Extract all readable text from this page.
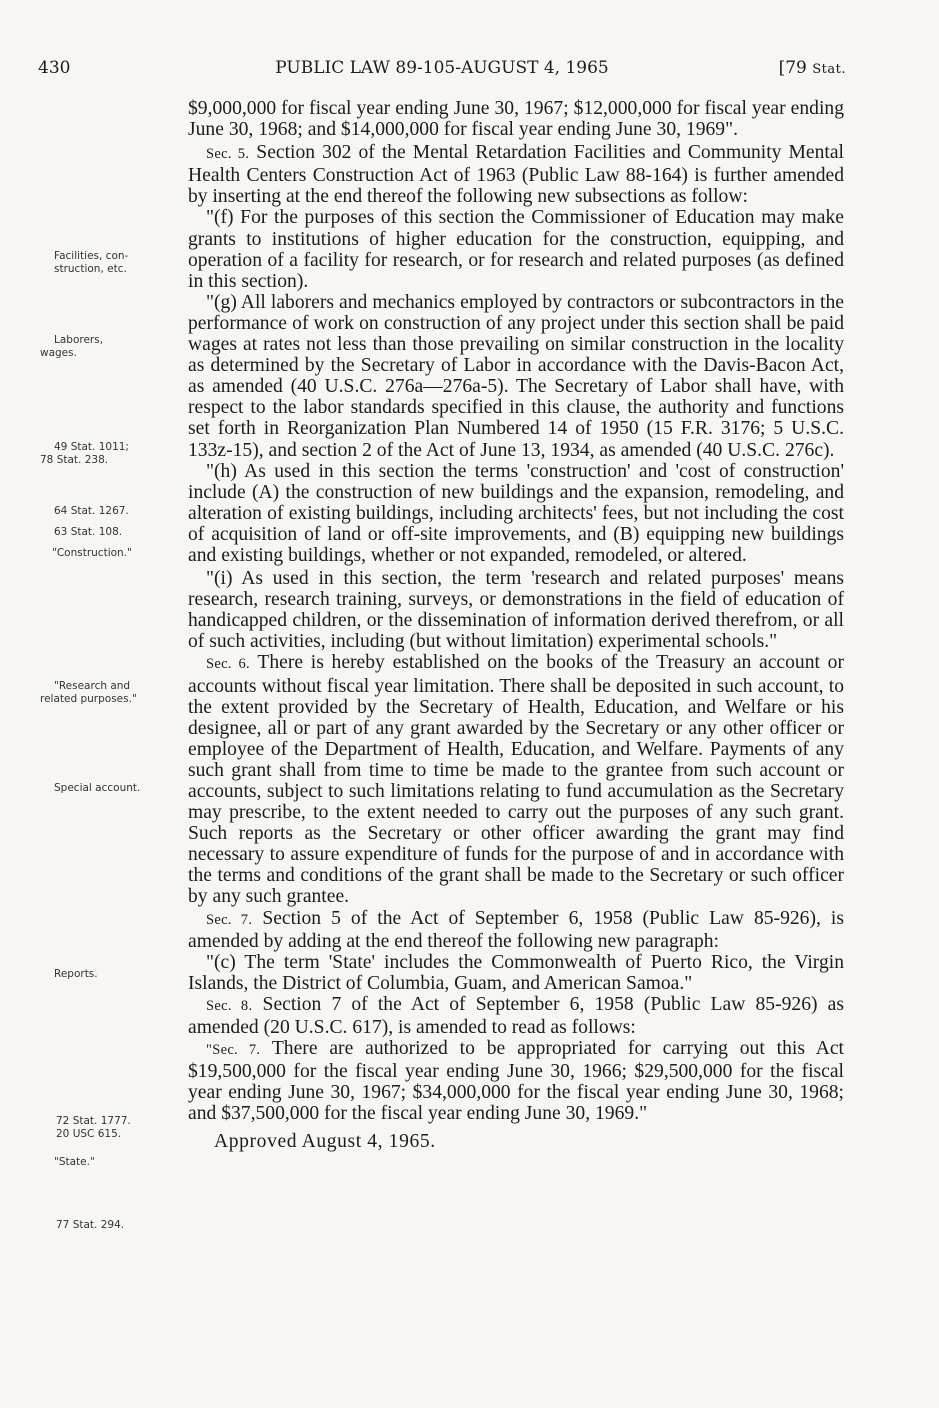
430	PUBLIC LAW 89-105-AUGUST 4, 1965	[79 Stat.

$9,000,000 for fiscal year ending June 30, 1967; $12,000,000 for fiscal year ending June 30, 1968; and $14,000,000 for fiscal year ending June 30, 1969".

Sec. 5. Section 302 of the Mental Retardation Facilities and Community Mental Health Centers Construction Act of 1963 (Public Law 88-164) is further amended by inserting at the end thereof the following new subsections as follow:

"(f) For the purposes of this section the Commissioner of Education may make grants to institutions of higher education for the construction, equipping, and operation of a facility for research, or for research and related purposes (as defined in this section).

"(g) All laborers and mechanics employed by contractors or subcontractors in the performance of work on construction of any project under this section shall be paid wages at rates not less than those prevailing on similar construction in the locality as determined by the Secretary of Labor in accordance with the Davis-Bacon Act, as amended (40 U.S.C. 276a—276a-5). The Secretary of Labor shall have, with respect to the labor standards specified in this clause, the authority and functions set forth in Reorganization Plan Numbered 14 of 1950 (15 F.R. 3176; 5 U.S.C. 133z-15), and section 2 of the Act of June 13, 1934, as amended (40 U.S.C. 276c).

"(h) As used in this section the terms 'construction' and 'cost of construction' include (A) the construction of new buildings and the expansion, remodeling, and alteration of existing buildings, including architects' fees, but not including the cost of acquisition of land or off-site improvements, and (B) equipping new buildings and existing buildings, whether or not expanded, remodeled, or altered.

"(i) As used in this section, the term 'research and related purposes' means research, research training, surveys, or demonstrations in the field of education of handicapped children, or the dissemination of information derived therefrom, or all of such activities, including (but without limitation) experimental schools."

Sec. 6. There is hereby established on the books of the Treasury an account or accounts without fiscal year limitation. There shall be deposited in such account, to the extent provided by the Secretary of Health, Education, and Welfare or his designee, all or part of any grant awarded by the Secretary or any other officer or employee of the Department of Health, Education, and Welfare. Payments of any such grant shall from time to time be made to the grantee from such account or accounts, subject to such limitations relating to fund accumulation as the Secretary may prescribe, to the extent needed to carry out the purposes of any such grant. Such reports as the Secretary or other officer awarding the grant may find necessary to assure expenditure of funds for the purpose of and in accordance with the terms and conditions of the grant shall be made to the Secretary or such officer by any such grantee.

Sec. 7. Section 5 of the Act of September 6, 1958 (Public Law 85-926), is amended by adding at the end thereof the following new paragraph:

"(c) The term 'State' includes the Commonwealth of Puerto Rico, the Virgin Islands, the District of Columbia, Guam, and American Samoa."

Sec. 8. Section 7 of the Act of September 6, 1958 (Public Law 85-926) as amended (20 U.S.C. 617), is amended to read as follows:

"Sec. 7. There are authorized to be appropriated for carrying out this Act $19,500,000 for the fiscal year ending June 30, 1966; $29,500,000 for the fiscal year ending June 30, 1967; $34,000,000 for the fiscal year ending June 30, 1968; and $37,500,000 for the fiscal year ending June 30, 1969."

Approved August 4, 1965.

Facilities, con-
struction, etc.
Laborers,
wages.
49 Stat. 1011;
78 Stat. 238.
64 Stat. 1267.
63 Stat. 108.
"Construction."
"Research and
related purposes."
Special account.
Reports.
72 Stat. 1777.
20 USC 615.
"State."
77 Stat. 294.
